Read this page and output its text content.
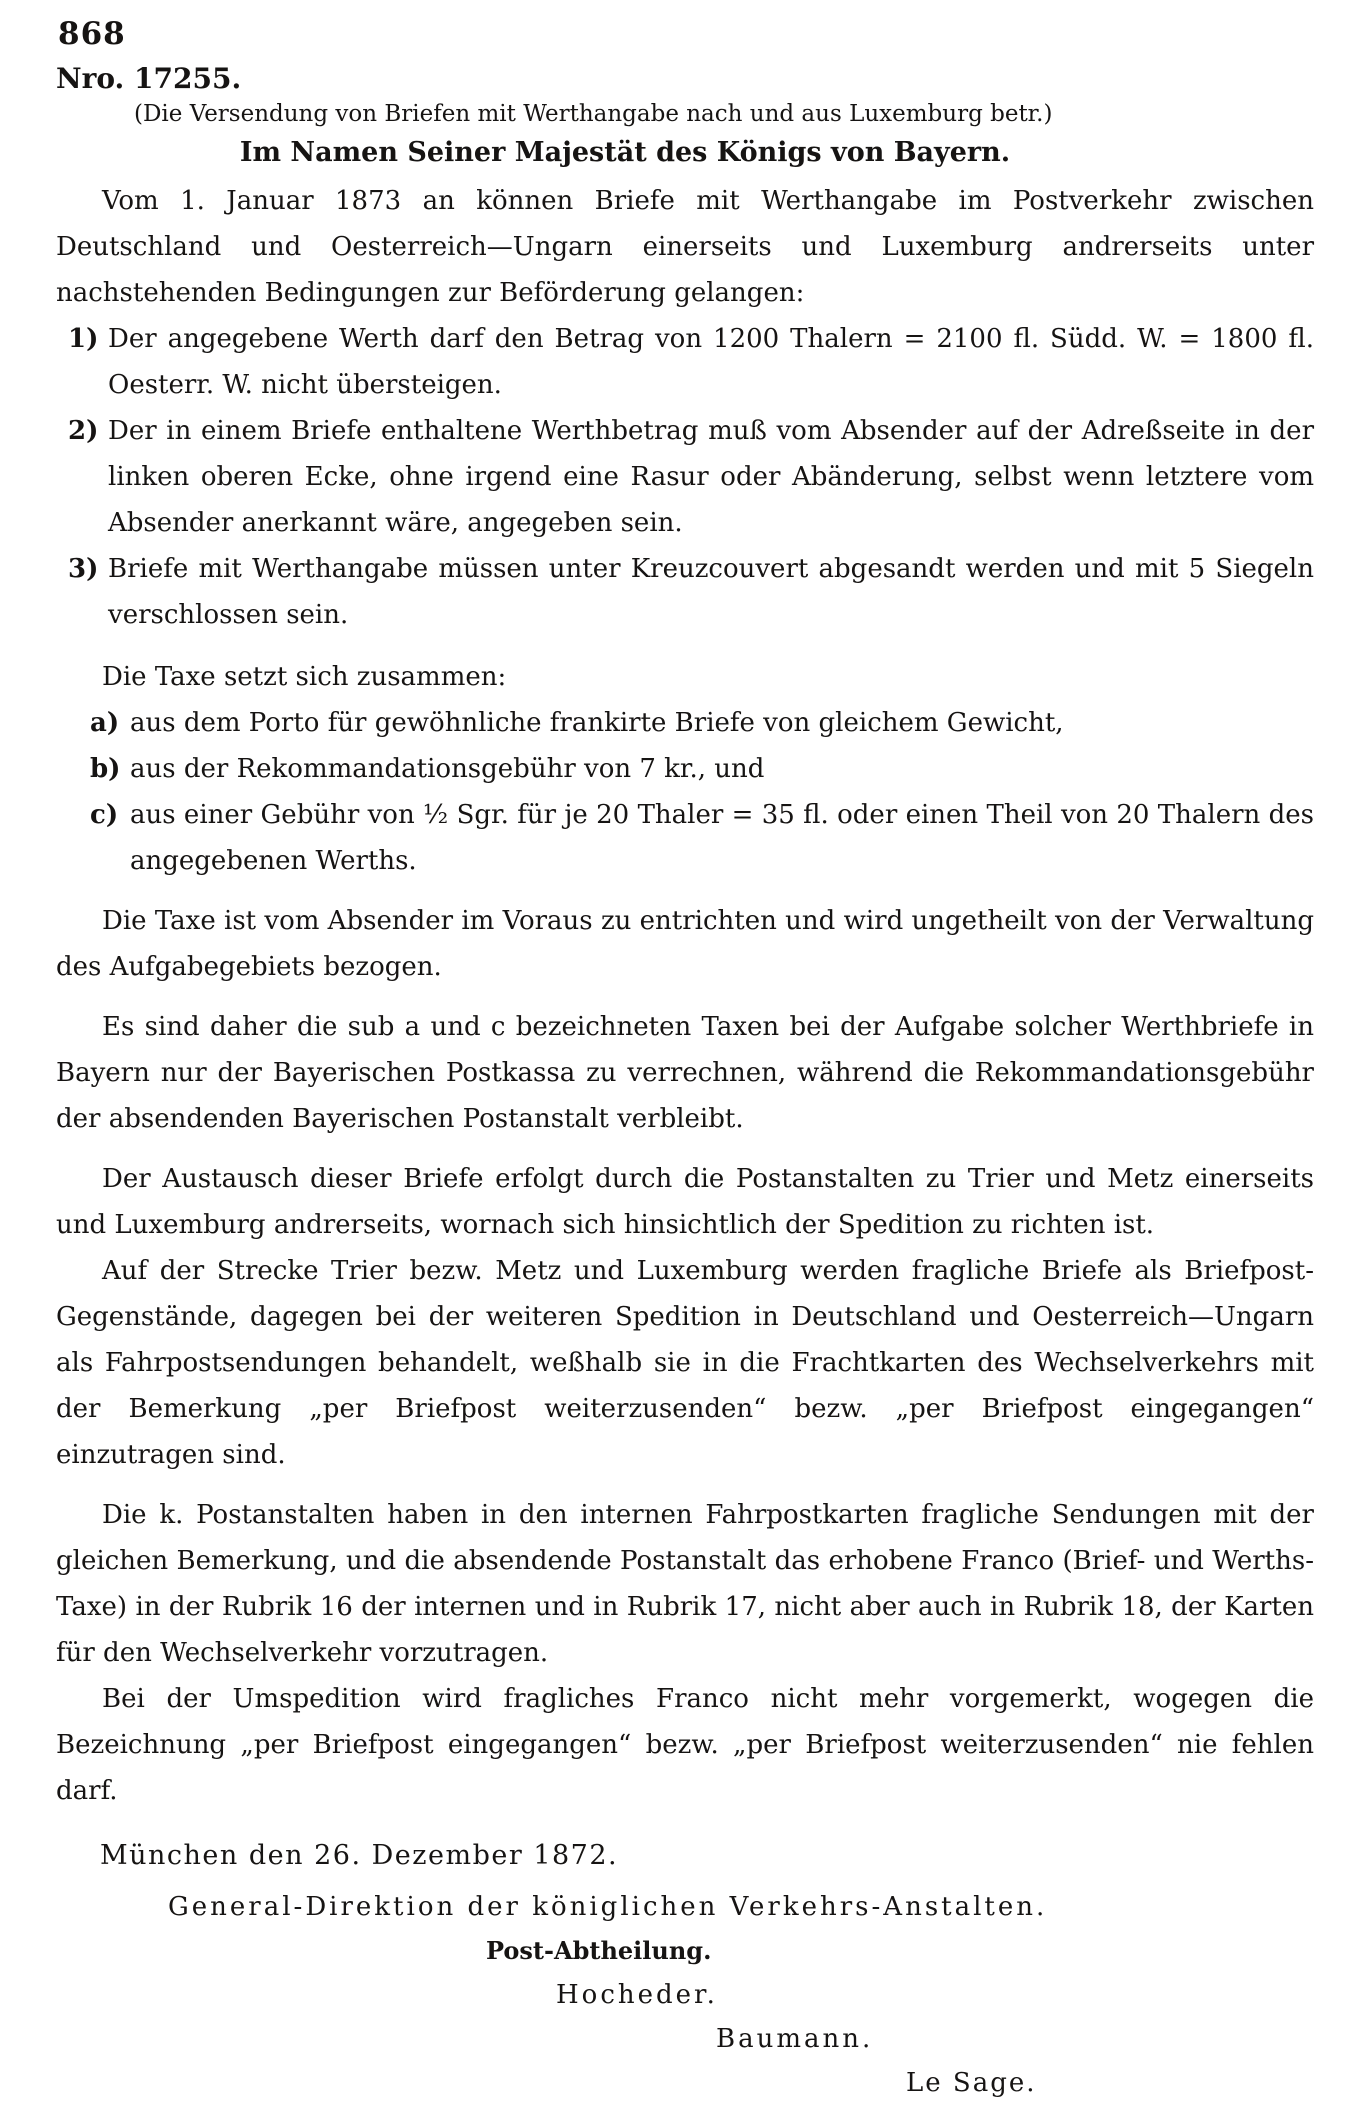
868
Nro. 17255.
(Die Versendung von Briefen mit Werthangabe nach und aus Luxemburg betr.)
Im Namen Seiner Majestät des Königs von Bayern.

Vom 1. Januar 1873 an können Briefe mit Werthangabe im Postverkehr zwischen Deutschland und Oesterreich—Ungarn einerseits und Luxemburg andrerseits unter nachstehenden Bedingungen zur Beförderung gelangen:

1) Der angegebene Werth darf den Betrag von 1200 Thalern = 2100 fl. Südd. W. = 1800 fl. Oesterr. W. nicht übersteigen.
2) Der in einem Briefe enthaltene Werthbetrag muß vom Absender auf der Adreßseite in der linken oberen Ecke, ohne irgend eine Rasur oder Abänderung, selbst wenn letztere vom Absender anerkannt wäre, angegeben sein.
3) Briefe mit Werthangabe müssen unter Kreuzcouvert abgesandt werden und mit 5 Siegeln verschlossen sein.

Die Taxe setzt sich zusammen:

a) aus dem Porto für gewöhnliche frankirte Briefe von gleichem Gewicht,
b) aus der Rekommandationsgebühr von 7 kr., und
c) aus einer Gebühr von ½ Sgr. für je 20 Thaler = 35 fl. oder einen Theil von 20 Thalern des angegebenen Werths.

Die Taxe ist vom Absender im Voraus zu entrichten und wird ungetheilt von der Verwaltung des Aufgabegebiets bezogen.

Es sind daher die sub a und c bezeichneten Taxen bei der Aufgabe solcher Werthbriefe in Bayern nur der Bayerischen Postkassa zu verrechnen, während die Rekommandationsgebühr der absendenden Bayerischen Postanstalt verbleibt.

Der Austausch dieser Briefe erfolgt durch die Postanstalten zu Trier und Metz einerseits und Luxemburg andrerseits, wornach sich hinsichtlich der Spedition zu richten ist.

Auf der Strecke Trier bezw. Metz und Luxemburg werden fragliche Briefe als Briefpost-Gegenstände, dagegen bei der weiteren Spedition in Deutschland und Oesterreich—Ungarn als Fahrpostsendungen behandelt, weßhalb sie in die Frachtkarten des Wechselverkehrs mit der Bemerkung „per Briefpost weiterzusenden“ bezw. „per Briefpost eingegangen“ einzutragen sind.

Die k. Postanstalten haben in den internen Fahrpostkarten fragliche Sendungen mit der gleichen Bemerkung, und die absendende Postanstalt das erhobene Franco (Brief- und Werths-Taxe) in der Rubrik 16 der internen und in Rubrik 17, nicht aber auch in Rubrik 18, der Karten für den Wechselverkehr vorzutragen.

Bei der Umspedition wird fragliches Franco nicht mehr vorgemerkt, wogegen die Bezeichnung „per Briefpost eingegangen“ bezw. „per Briefpost weiterzusenden“ nie fehlen darf.

München den 26. Dezember 1872.
General-Direktion der königlichen Verkehrs-Anstalten.
Post-Abtheilung.
Hocheder.
Baumann.
Le Sage.
